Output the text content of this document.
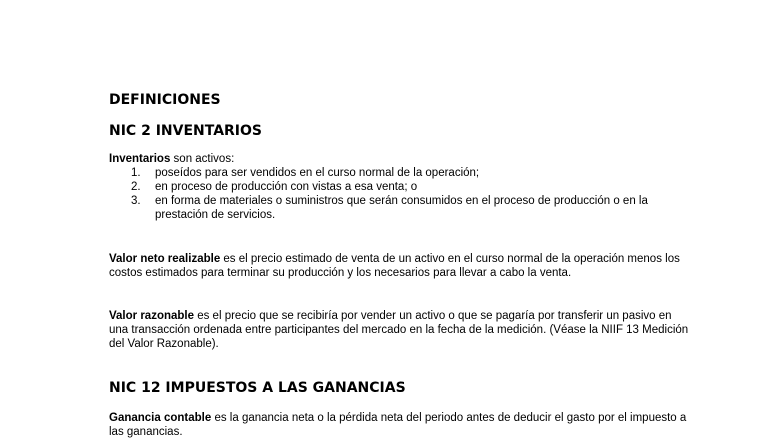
DEFINICIONES
NIC 2 INVENTARIOS

Inventarios son activos:

1. poseídos para ser vendidos en el curso normal de la operación;
2. en proceso de producción con vistas a esa venta; o
3. en forma de materiales o suministros que serán consumidos en el proceso de producción o en la prestación de servicios.

Valor neto realizable es el precio estimado de venta de un activo en el curso normal de la operación menos los costos estimados para terminar su producción y los necesarios para llevar a cabo la venta.

Valor razonable es el precio que se recibiría por vender un activo o que se pagaría por transferir un pasivo en una transacción ordenada entre participantes del mercado en la fecha de la medición. (Véase la NIIF 13 Medición del Valor Razonable).

NIC 12 IMPUESTOS A LAS GANANCIAS

Ganancia contable es la ganancia neta o la pérdida neta del periodo antes de deducir el gasto por el impuesto a las ganancias.
